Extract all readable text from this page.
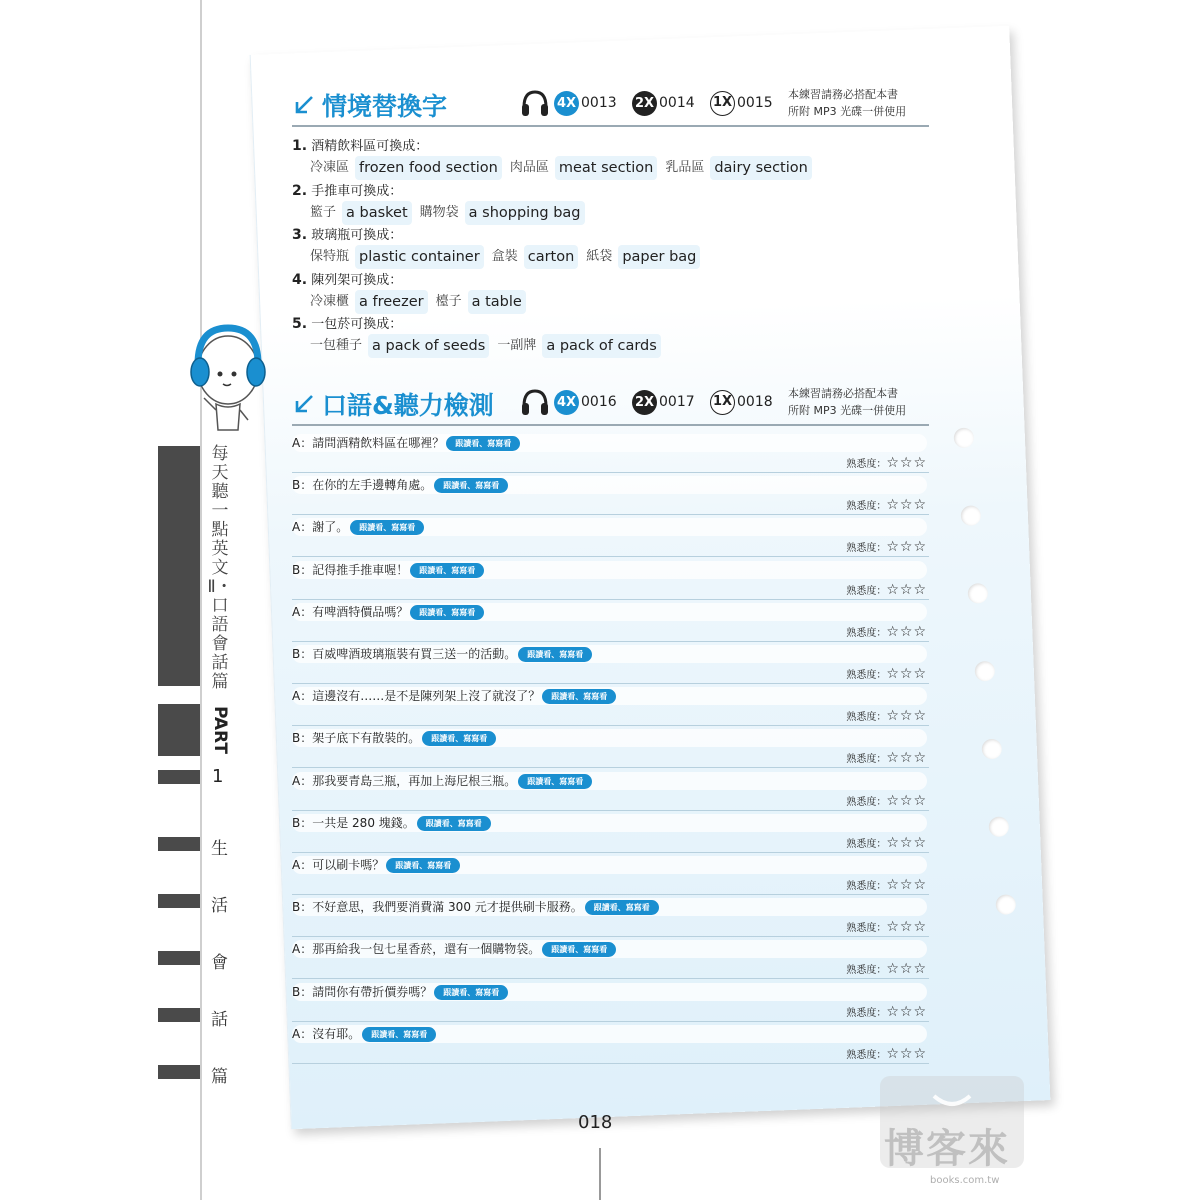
每天聽一點英文Ⅱ・口語會話篇
PART
1
生
活
會
話
篇
情境替換字	4X 0013 2X 0014 1X 0015
本練習請務必搭配本書
所附 MP3 光碟一併使用
1. 酒精飲料區可換成：
冷凍區 frozen food section 肉品區 meat section 乳品區 dairy section
2. 手推車可換成：
籃子 a basket 購物袋 a shopping bag
3. 玻璃瓶可換成：
保特瓶 plastic container 盒裝 carton 紙袋 paper bag
4. 陳列架可換成：
冷凍櫃 a freezer 檯子 a table
5. 一包菸可換成：
一包種子 a pack of seeds 一副牌 a pack of cards
口語&聽力檢測	4X 0016 2X 0017 1X 0018
本練習請務必搭配本書
所附 MP3 光碟一併使用
A：請問酒精飲料區在哪裡？	跟讀看、寫寫看
熟悉度：☆☆☆
B：在你的左手邊轉角處。	跟讀看、寫寫看
熟悉度：☆☆☆
A：謝了。	跟讀看、寫寫看
熟悉度：☆☆☆
B：記得推手推車喔！	跟讀看、寫寫看
熟悉度：☆☆☆
A：有啤酒特價品嗎？	跟讀看、寫寫看
熟悉度：☆☆☆
B：百威啤酒玻璃瓶裝有買三送一的活動。	跟讀看、寫寫看
熟悉度：☆☆☆
A：這邊沒有……是不是陳列架上沒了就沒了？	跟讀看、寫寫看
熟悉度：☆☆☆
B：架子底下有散裝的。	跟讀看、寫寫看
熟悉度：☆☆☆
A：那我要青島三瓶，再加上海尼根三瓶。	跟讀看、寫寫看
熟悉度：☆☆☆
B：一共是 280 塊錢。	跟讀看、寫寫看
熟悉度：☆☆☆
A：可以刷卡嗎？	跟讀看、寫寫看
熟悉度：☆☆☆
B：不好意思，我們要消費滿 300 元才提供刷卡服務。	跟讀看、寫寫看
熟悉度：☆☆☆
A：那再給我一包七星香菸，還有一個購物袋。	跟讀看、寫寫看
熟悉度：☆☆☆
B：請問你有帶折價券嗎？	跟讀看、寫寫看
熟悉度：☆☆☆
A：沒有耶。	跟讀看、寫寫看
熟悉度：☆☆☆
018
博客來
books.com.tw
